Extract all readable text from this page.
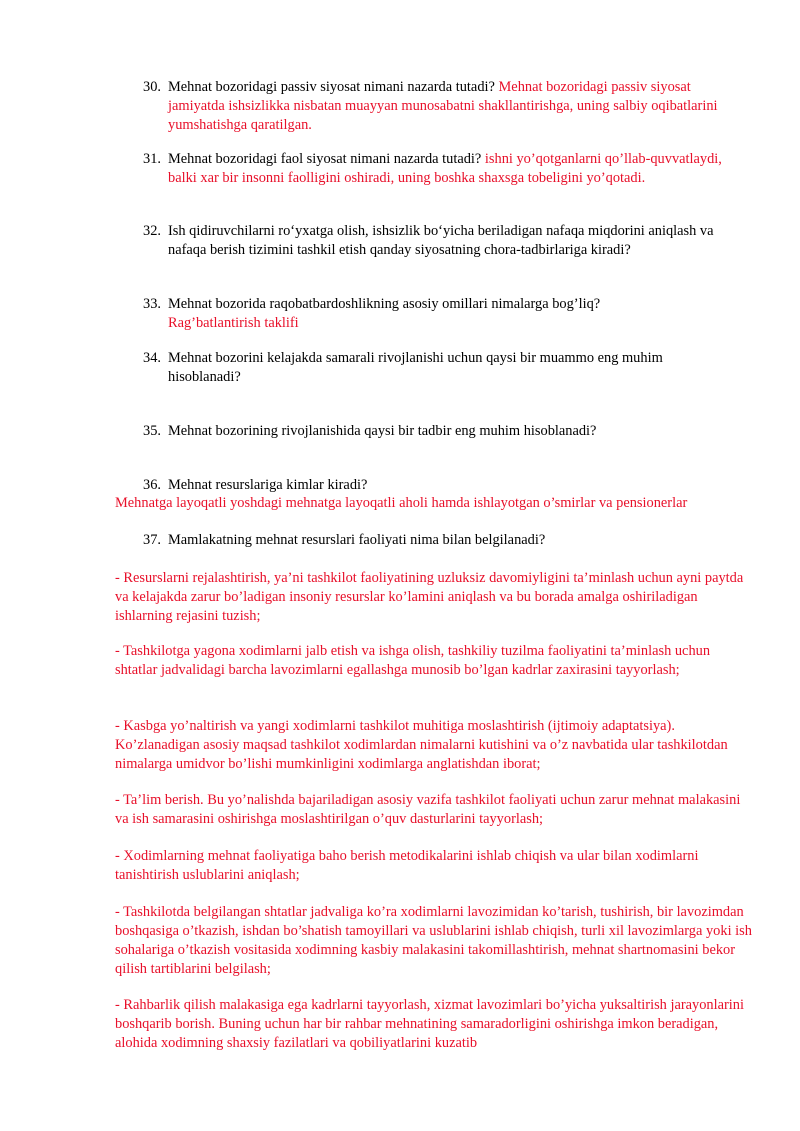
30. Mehnat bozoridagi passiv siyosat nimani nazarda tutadi? Mehnat bozoridagi passiv siyosat jamiyatda ishsizlikka nisbatan muayyan munosabatni shakllantirishga, uning salbiy oqibatlarini yumshatishga qaratilgan.
31. Mehnat bozoridagi faol siyosat nimani nazarda tutadi? ishni yo’qotganlarni qo’llab-quvvatlaydi, balki xar bir insonni faolligini oshiradi, uning boshka shaxsga tobeligini yo’qotadi.
32. Ish qidiruvchilarni ro‘yxatga olish, ishsizlik bo‘yicha beriladigan nafaqa miqdorini aniqlash va nafaqa berish tizimini tashkil etish qanday siyosatning chora-tadbirlariga kiradi?
33. Mehnat bozorida raqobatbardoshlikning asosiy omillari nimalarga bog’liq?
Rag’batlantirish taklifi
34. Mehnat bozorini kelajakda samarali rivojlanishi uchun qaysi bir muammo eng muhim hisoblanadi?
35. Mehnat bozorining rivojlanishida qaysi bir tadbir eng muhim hisoblanadi?
36. Mehnat resurslariga kimlar kiradi?
Mehnatga layoqatli yoshdagi mehnatga layoqatli aholi hamda ishlayotgan o’smirlar va pensionerlar
37. Mamlakatning mehnat resurslari faoliyati nima bilan belgilanadi?
- Resurslarni rejalashtirish, ya’ni tashkilot faoliyatining uzluksiz davomiyligini ta’minlash uchun ayni paytda va kelajakda zarur bo’ladigan insoniy resurslar ko’lamini aniqlash va bu borada amalga oshiriladigan ishlarning rejasini tuzish;
- Tashkilotga yagona xodimlarni jalb etish va ishga olish, tashkiliy tuzilma faoliyatini ta’minlash uchun shtatlar jadvalidagi barcha lavozimlarni egallashga munosib bo’lgan kadrlar zaxirasini tayyorlash;
- Kasbga yo’naltirish va yangi xodimlarni tashkilot muhitiga moslashtirish (ijtimoiy adaptatsiya). Ko’zlanadigan asosiy maqsad tashkilot xodimlardan nimalarni kutishini va o’z navbatida ular tashkilotdan nimalarga umidvor bo’lishi mumkinligini xodimlarga anglatishdan iborat;
- Ta’lim berish. Bu yo’nalishda bajariladigan asosiy vazifa tashkilot faoliyati uchun zarur mehnat malakasini va ish samarasini oshirishga moslashtirilgan o’quv dasturlarini tayyorlash;
- Xodimlarning mehnat faoliyatiga baho berish metodikalarini ishlab chiqish va ular bilan xodimlarni tanishtirish uslublarini aniqlash;
- Tashkilotda belgilangan shtatlar jadvaliga ko’ra xodimlarni lavozimidan ko’tarish, tushirish, bir lavozimdan boshqasiga o’tkazish, ishdan bo’shatish tamoyillari va uslublarini ishlab chiqish, turli xil lavozimlarga yoki ish sohalariga o’tkazish vositasida xodimning kasbiy malakasini takomillashtirish, mehnat shartnomasini bekor qilish tartiblarini belgilash;
- Rahbarlik qilish malakasiga ega kadrlarni tayyorlash, xizmat lavozimlari bo’yicha yuksaltirish jarayonlarini boshqarib borish. Buning uchun har bir rahbar mehnatining samaradorligini oshirishga imkon beradigan, alohida xodimning shaxsiy fazilatlari va qobiliyatlarini kuzatib
